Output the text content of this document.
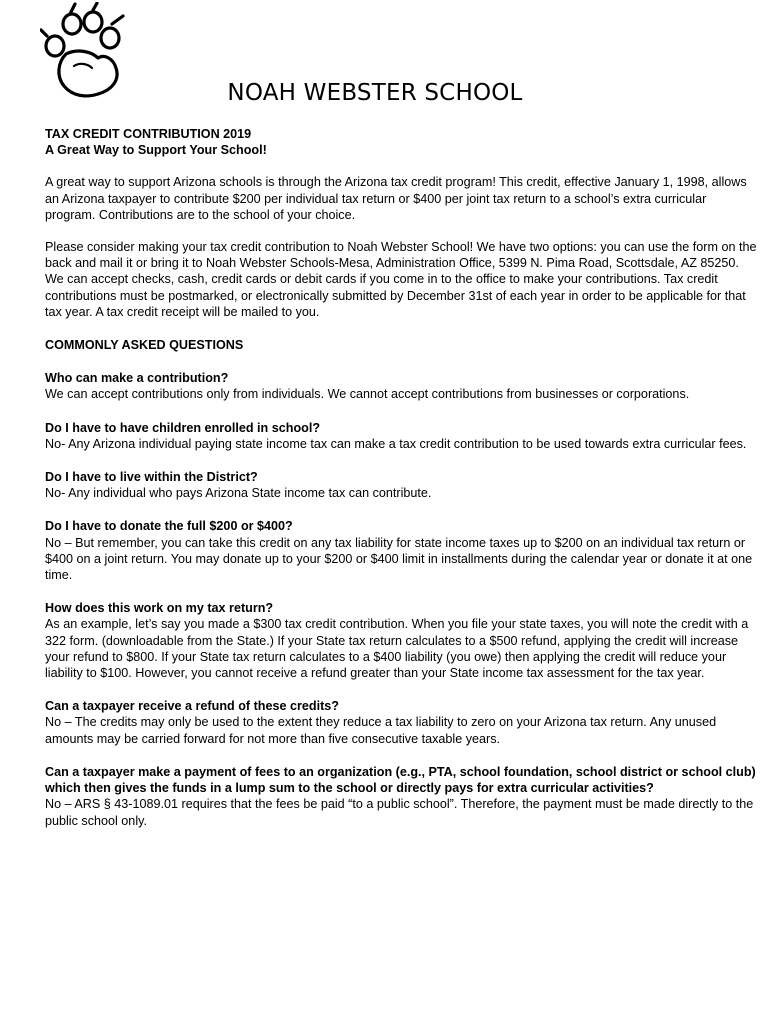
NOAH WEBSTER SCHOOL

TAX CREDIT CONTRIBUTION 2019

A Great Way to Support Your School!

A great way to support Arizona schools is through the Arizona tax credit program! This credit, effective January 1, 1998, allows an Arizona taxpayer to contribute $200 per individual tax return or $400 per joint tax return to a school’s extra curricular program. Contributions are to the school of your choice.

Please consider making your tax credit contribution to Noah Webster School! We have two options: you can use the form on the back and mail it or bring it to Noah Webster Schools-Mesa, Administration Office, 5399 N. Pima Road, Scottsdale, AZ 85250. We can accept checks, cash, credit cards or debit cards if you come in to the office to make your contributions. Tax credit contributions must be postmarked, or electronically submitted by December 31st of each year in order to be applicable for that tax year. A tax credit receipt will be mailed to you.

COMMONLY ASKED QUESTIONS

Who can make a contribution?

We can accept contributions only from individuals. We cannot accept contributions from businesses or corporations.

Do I have to have children enrolled in school?

No- Any Arizona individual paying state income tax can make a tax credit contribution to be used towards extra curricular fees.

Do I have to live within the District?

No- Any individual who pays Arizona State income tax can contribute.

Do I have to donate the full $200 or $400?

No – But remember, you can take this credit on any tax liability for state income taxes up to $200 on an individual tax return or $400 on a joint return. You may donate up to your $200 or $400 limit in installments during the calendar year or donate it at one time.

How does this work on my tax return?

As an example, let’s say you made a $300 tax credit contribution. When you file your state taxes, you will note the credit with a 322 form. (downloadable from the State.) If your State tax return calculates to a $500 refund, applying the credit will increase your refund to $800. If your State tax return calculates to a $400 liability (you owe) then applying the credit will reduce your liability to $100. However, you cannot receive a refund greater than your State income tax assessment for the tax year.

Can a taxpayer receive a refund of these credits?

No – The credits may only be used to the extent they reduce a tax liability to zero on your Arizona tax return. Any unused amounts may be carried forward for not more than five consecutive taxable years.

Can a taxpayer make a payment of fees to an organization (e.g., PTA, school foundation, school district or school club) which then gives the funds in a lump sum to the school or directly pays for extra curricular activities?

No – ARS § 43-1089.01 requires that the fees be paid “to a public school”. Therefore, the payment must be made directly to the public school only.
